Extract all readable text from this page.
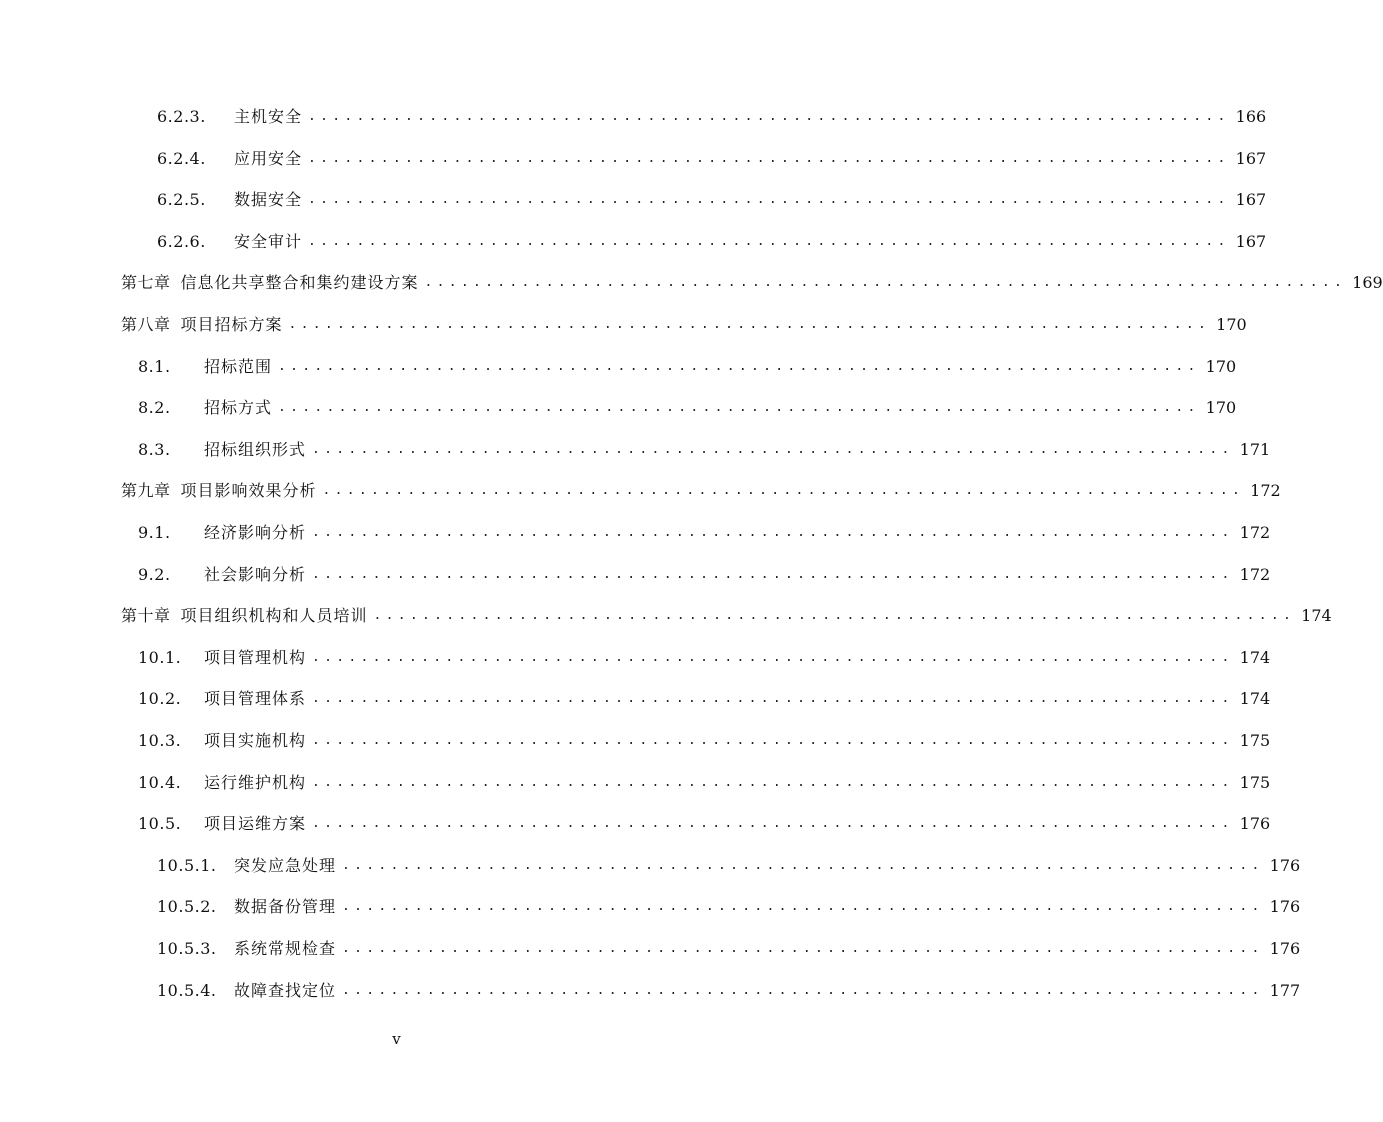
6.2.3.	主机安全 ............................................................................ 166
6.2.4.	应用安全 ............................................................................ 167
6.2.5.	数据安全 ............................................................................ 167
6.2.6.	安全审计 ............................................................................ 167
第七章 信息化共享整合和集约建设方案 ............................................................................ 169
第八章 项目招标方案 ............................................................................ 170
8.1.	招标范围 ............................................................................ 170
8.2.	招标方式 ............................................................................ 170
8.3.	招标组织形式 ............................................................................ 171
第九章 项目影响效果分析 ............................................................................ 172
9.1.	经济影响分析 ............................................................................ 172
9.2.	社会影响分析 ............................................................................ 172
第十章 项目组织机构和人员培训 ............................................................................ 174
10.1.	项目管理机构 ............................................................................ 174
10.2.	项目管理体系 ............................................................................ 174
10.3.	项目实施机构 ............................................................................ 175
10.4.	运行维护机构 ............................................................................ 175
10.5.	项目运维方案 ............................................................................ 176
10.5.1.	突发应急处理 ............................................................................ 176
10.5.2.	数据备份管理 ............................................................................ 176
10.5.3.	系统常规检查 ............................................................................ 176
10.5.4.	故障查找定位 ............................................................................ 177
v
